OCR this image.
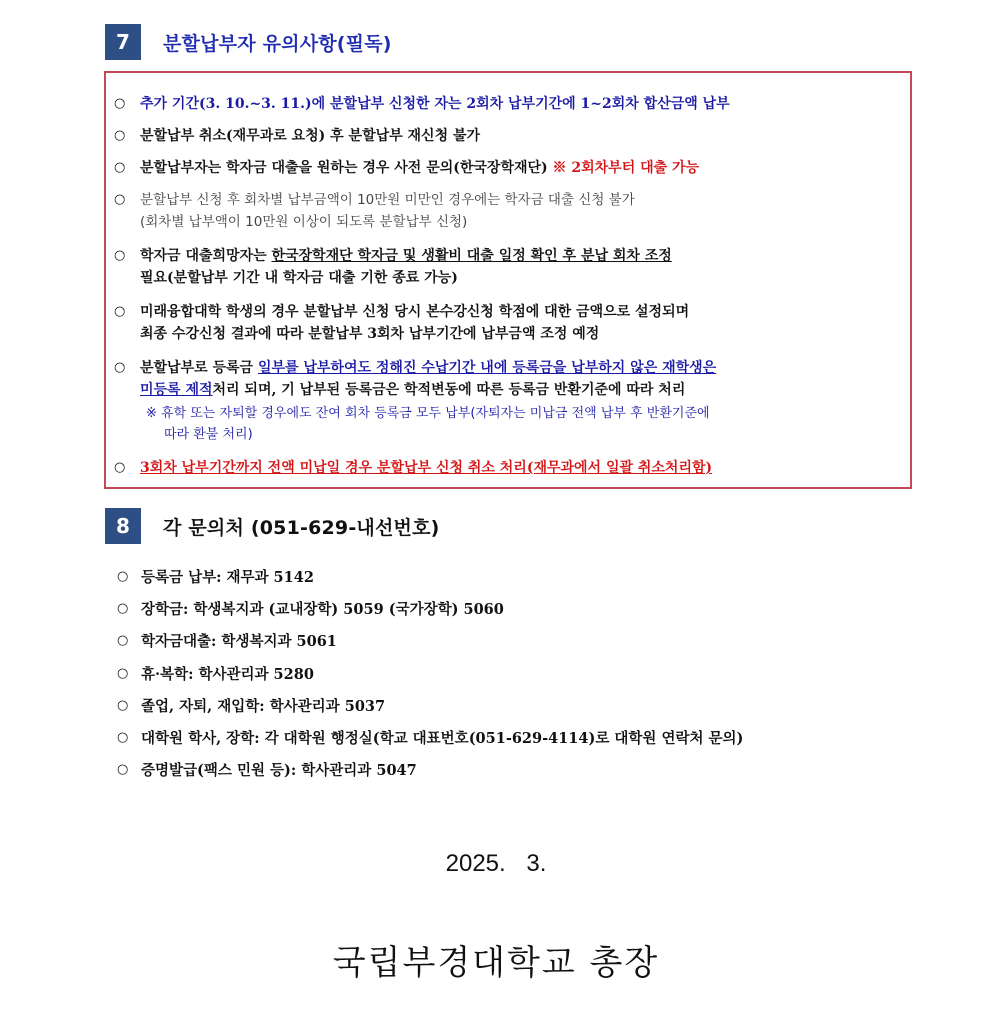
7	분할납부자 유의사항(필독)
○	추가 기간(3. 10.~3. 11.)에 분할납부 신청한 자는 2회차 납부기간에 1~2회차 합산금액 납부
○	분할납부 취소(재무과로 요청) 후 분할납부 재신청 불가
○	분할납부자는 학자금 대출을 원하는 경우 사전 문의(한국장학재단) ※ 2회차부터 대출 가능
○	분할납부 신청 후 회차별 납부금액이 10만원 미만인 경우에는 학자금 대출 신청 불가
(회차별 납부액이 10만원 이상이 되도록 분할납부 신청)
○	학자금 대출희망자는 한국장학재단 학자금 및 생활비 대출 일정 확인 후 분납 회차 조정
필요(분할납부 기간 내 학자금 대출 기한 종료 가능)
○	미래융합대학 학생의 경우 분할납부 신청 당시 본수강신청 학점에 대한 금액으로 설정되며
최종 수강신청 결과에 따라 분할납부 3회차 납부기간에 납부금액 조정 예정
○	분할납부로 등록금 일부를 납부하여도 정해진 수납기간 내에 등록금을 납부하지 않은 재학생은
미등록 제적처리 되며, 기 납부된 등록금은 학적변동에 따른 등록금 반환기준에 따라 처리
※ 휴학 또는 자퇴할 경우에도 잔여 회차 등록금 모두 납부(자퇴자는 미납금 전액 납부 후 반환기준에
따라 환불 처리)
○	3회차 납부기간까지 전액 미납일 경우 분할납부 신청 취소 처리(재무과에서 일괄 취소처리함)
8	각 문의처 (051-629-내선번호)
○ 등록금 납부: 재무과 5142
○ 장학금: 학생복지과 (교내장학) 5059 (국가장학) 5060
○ 학자금대출: 학생복지과 5061
○ 휴·복학: 학사관리과 5280
○ 졸업, 자퇴, 재입학: 학사관리과 5037
○ 대학원 학사, 장학: 각 대학원 행정실(학교 대표번호(051-629-4114)로 대학원 연락처 문의)
○ 증명발급(팩스 민원 등): 학사관리과 5047
2025. 3.
국립부경대학교 총장
